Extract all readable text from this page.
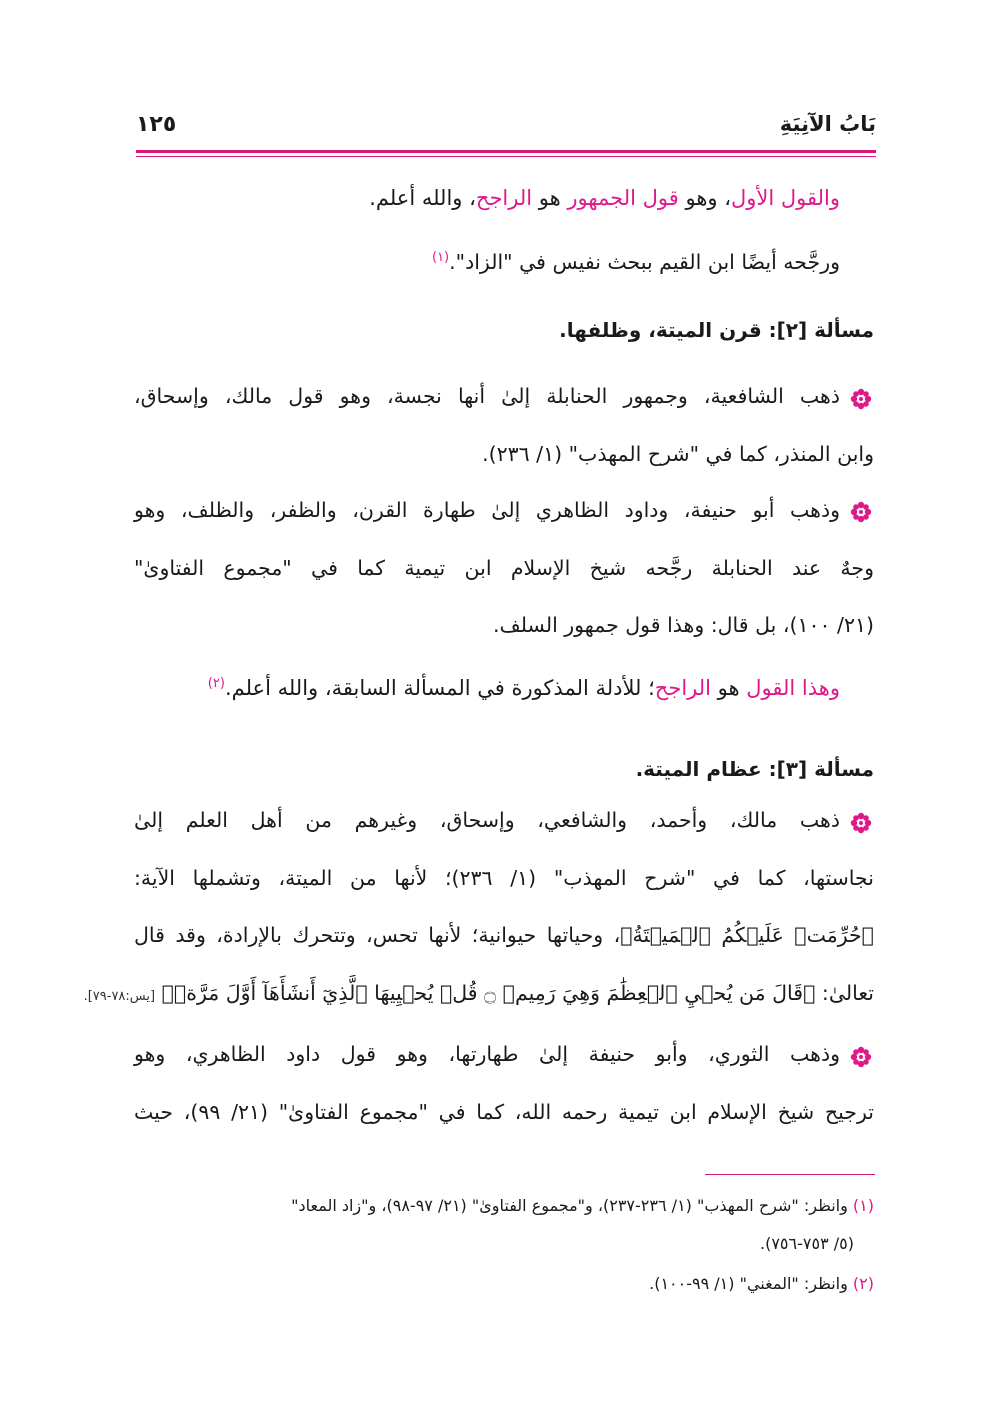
بَابُ الآنِيَةِ
١٢٥
والقول الأول، وهو قول الجمهور هو الراجح، والله أعلم.
ورجَّحه أيضًا ابن القيم ببحث نفيس في "الزاد".$^{(١)}$
مسألة [٢]: قرن الميتة، وظلفها.
ذهب الشافعية، وجمهور الحنابلة إلىٰ أنها نجسة، وهو قول مالك، وإسحاق،
وابن المنذر، كما في "شرح المهذب" (١/ ٢٣٦).
وذهب أبو حنيفة، وداود الظاهري إلىٰ طهارة القرن، والظفر، والظلف، وهو
وجهٌ عند الحنابلة رجَّحه شيخ الإسلام ابن تيمية كما في "مجموع الفتاوىٰ"
(٢١/ ١٠٠)، بل قال: وهذا قول جمهور السلف.
وهذا القول هو الراجح؛ للأدلة المذكورة في المسألة السابقة، والله أعلم.$^{(٢)}$
مسألة [٣]: عظام الميتة.
ذهب مالك، وأحمد، والشافعي، وإسحاق، وغيرهم من أهل العلم إلىٰ
نجاستها، كما في "شرح المهذب" (١/ ٢٣٦)؛ لأنها من الميتة، وتشملها الآية:
﴿حُرِّمَتۡ عَلَيۡكُمُ ٱلۡمَيۡتَةُ﴾، وحياتها حيوانية؛ لأنها تحس، وتتحرك بالإرادة، وقد قال
تعالىٰ: ﴿قَالَ مَن يُحۡيِ ٱلۡعِظَٰمَ وَهِيَ رَمِيمٞ ۝ قُلۡ يُحۡيِيهَا ٱلَّذِيٓ أَنشَأَهَآ أَوَّلَ مَرَّةٖ﴾ [يس:٧٨-٧٩].
وذهب الثوري، وأبو حنيفة إلىٰ طهارتها، وهو قول داود الظاهري، وهو
ترجيح شيخ الإسلام ابن تيمية رحمه الله، كما في "مجموع الفتاوىٰ" (٢١/ ٩٩)، حيث
(١) وانظر: "شرح المهذب" (١/ ٢٣٦-٢٣٧)، و"مجموع الفتاوىٰ" (٢١/ ٩٧-٩٨)، و"زاد المعاد"
(٥/ ٧٥٣-٧٥٦).
(٢) وانظر: "المغني" (١/ ٩٩-١٠٠).
